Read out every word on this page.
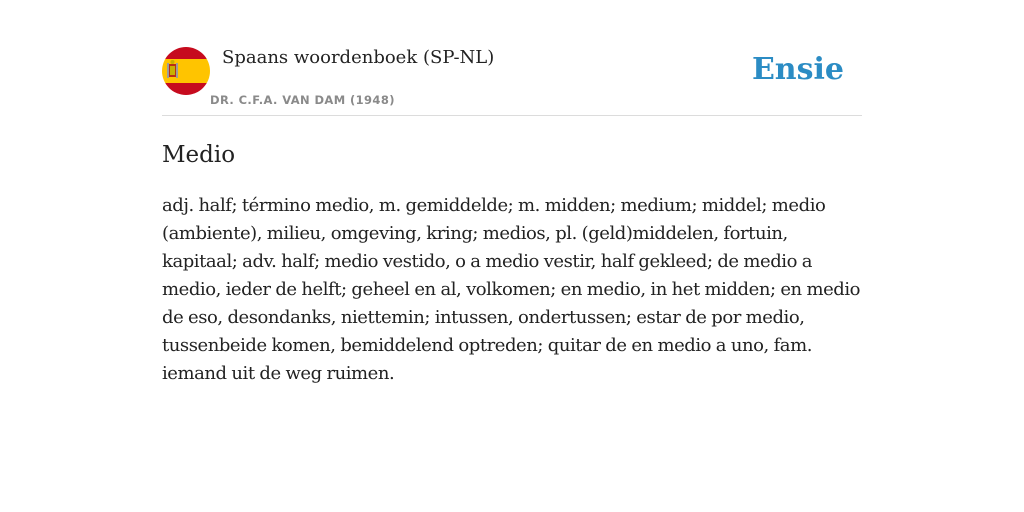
Spaans woordenboek (SP-NL)
DR. C.F.A. VAN DAM (1948)
Ensie
Medio

adj. half; término medio, m. gemiddelde; m. midden; medium; middel; medio (ambiente), milieu, omgeving, kring; medios, pl. (geld)middelen, fortuin, kapitaal; adv. half; medio vestido, o a medio vestir, half gekleed; de medio a medio, ieder de helft; geheel en al, volkomen; en medio, in het midden; en medio de eso, desondanks, niettemin; intussen, ondertussen; estar de por medio, tussenbeide komen, bemiddelend optreden; quitar de en medio a uno, fam. iemand uit de weg ruimen.
